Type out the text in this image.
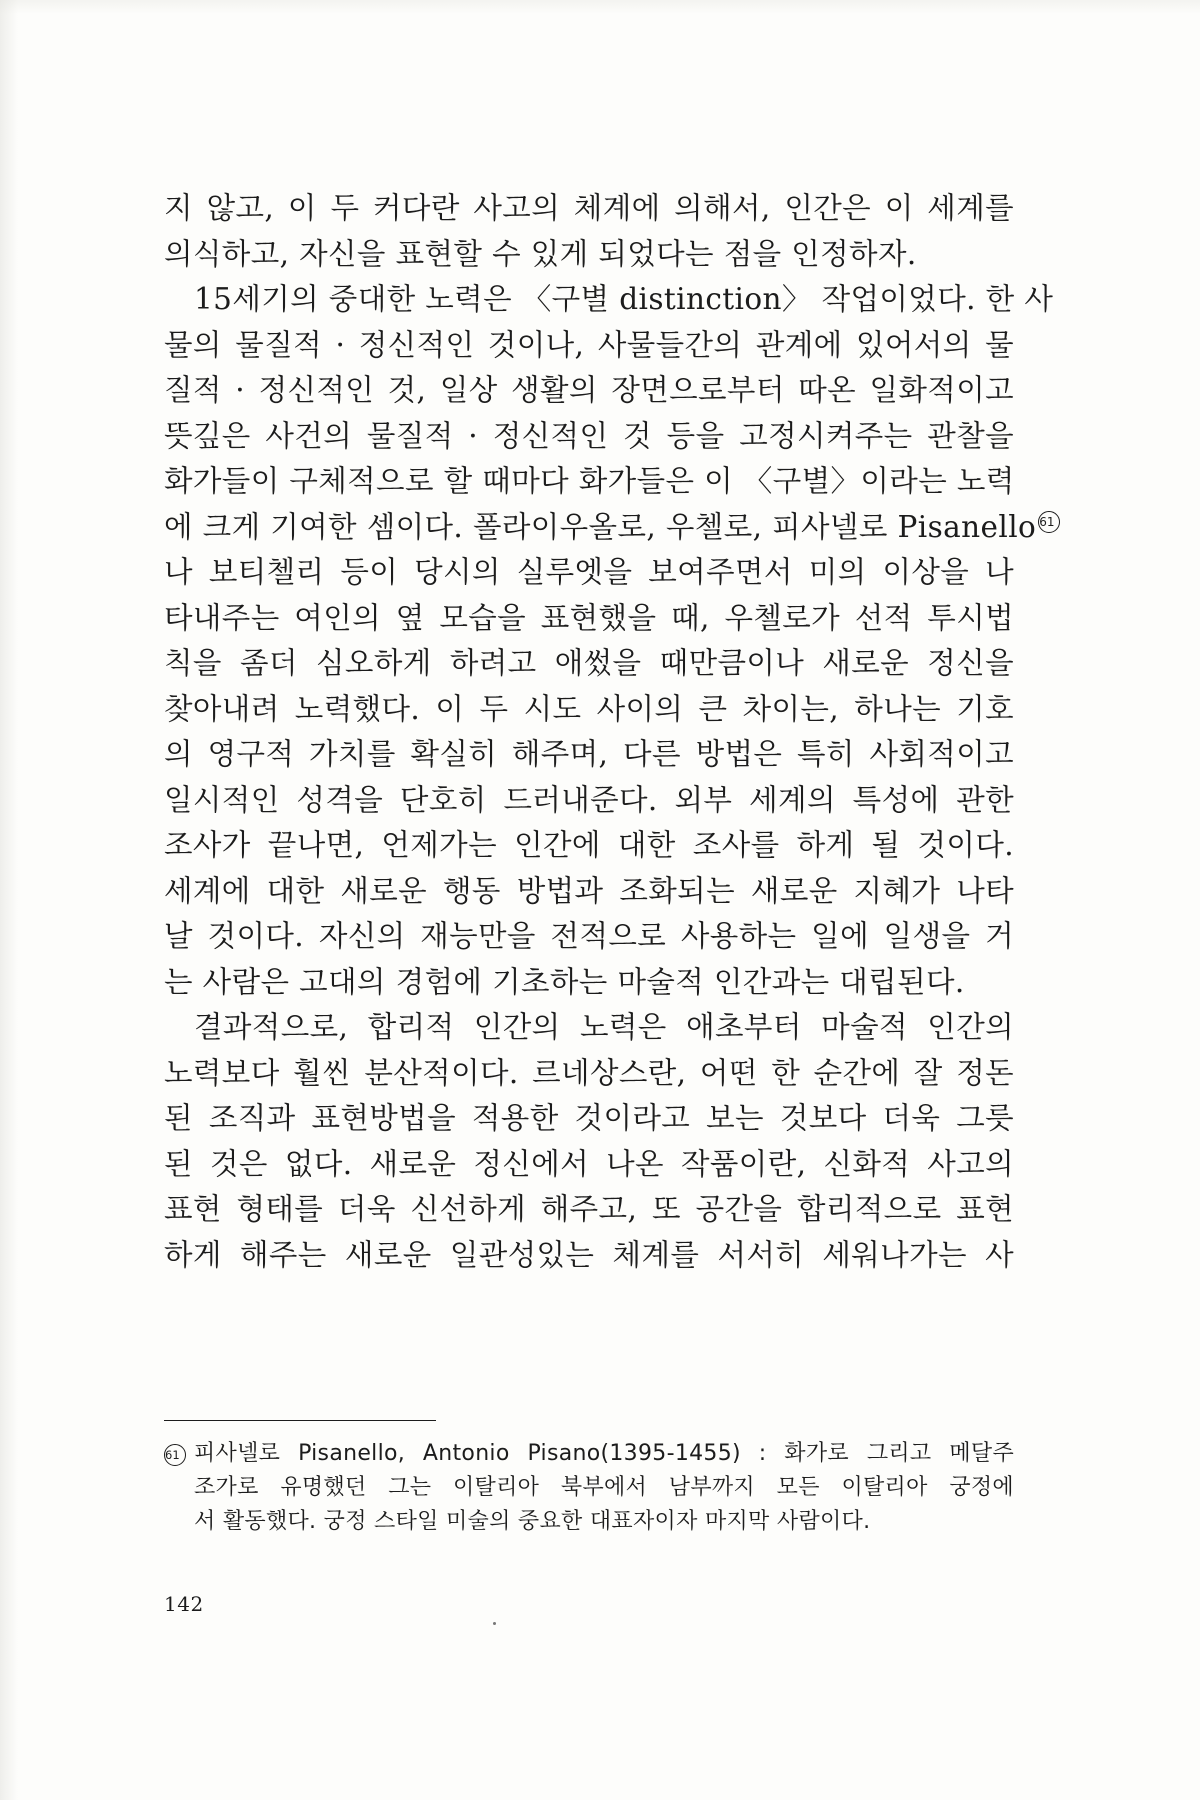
지 않고, 이 두 커다란 사고의 체계에 의해서, 인간은 이 세계를
의식하고, 자신을 표현할 수 있게 되었다는 점을 인정하자.
15세기의 중대한 노력은 〈구별 distinction〉 작업이었다. 한 사
물의 물질적 · 정신적인 것이나, 사물들간의 관계에 있어서의 물
질적 · 정신적인 것, 일상 생활의 장면으로부터 따온 일화적이고
뜻깊은 사건의 물질적 · 정신적인 것 등을 고정시켜주는 관찰을
화가들이 구체적으로 할 때마다 화가들은 이 〈구별〉이라는 노력
에 크게 기여한 셈이다. 폴라이우올로, 우첼로, 피사넬로 Pisanello 61
나 보티첼리 등이 당시의 실루엣을 보여주면서 미의 이상을 나
타내주는 여인의 옆 모습을 표현했을 때, 우첼로가 선적 투시법
칙을 좀더 심오하게 하려고 애썼을 때만큼이나 새로운 정신을
찾아내려 노력했다. 이 두 시도 사이의 큰 차이는, 하나는 기호
의 영구적 가치를 확실히 해주며, 다른 방법은 특히 사회적이고
일시적인 성격을 단호히 드러내준다. 외부 세계의 특성에 관한
조사가 끝나면, 언제가는 인간에 대한 조사를 하게 될 것이다.
세계에 대한 새로운 행동 방법과 조화되는 새로운 지혜가 나타
날 것이다. 자신의 재능만을 전적으로 사용하는 일에 일생을 거
는 사람은 고대의 경험에 기초하는 마술적 인간과는 대립된다.
결과적으로, 합리적 인간의 노력은 애초부터 마술적 인간의
노력보다 훨씬 분산적이다. 르네상스란, 어떤 한 순간에 잘 정돈
된 조직과 표현방법을 적용한 것이라고 보는 것보다 더욱 그릇
된 것은 없다. 새로운 정신에서 나온 작품이란, 신화적 사고의
표현 형태를 더욱 신선하게 해주고, 또 공간을 합리적으로 표현
하게 해주는 새로운 일관성있는 체계를 서서히 세워나가는 사
61 피사넬로 Pisanello, Antonio Pisano(1395-1455) : 화가로 그리고 메달주
조가로 유명했던 그는 이탈리아 북부에서 남부까지 모든 이탈리아 궁정에
서 활동했다. 궁정 스타일 미술의 중요한 대표자이자 마지막 사람이다.
142
